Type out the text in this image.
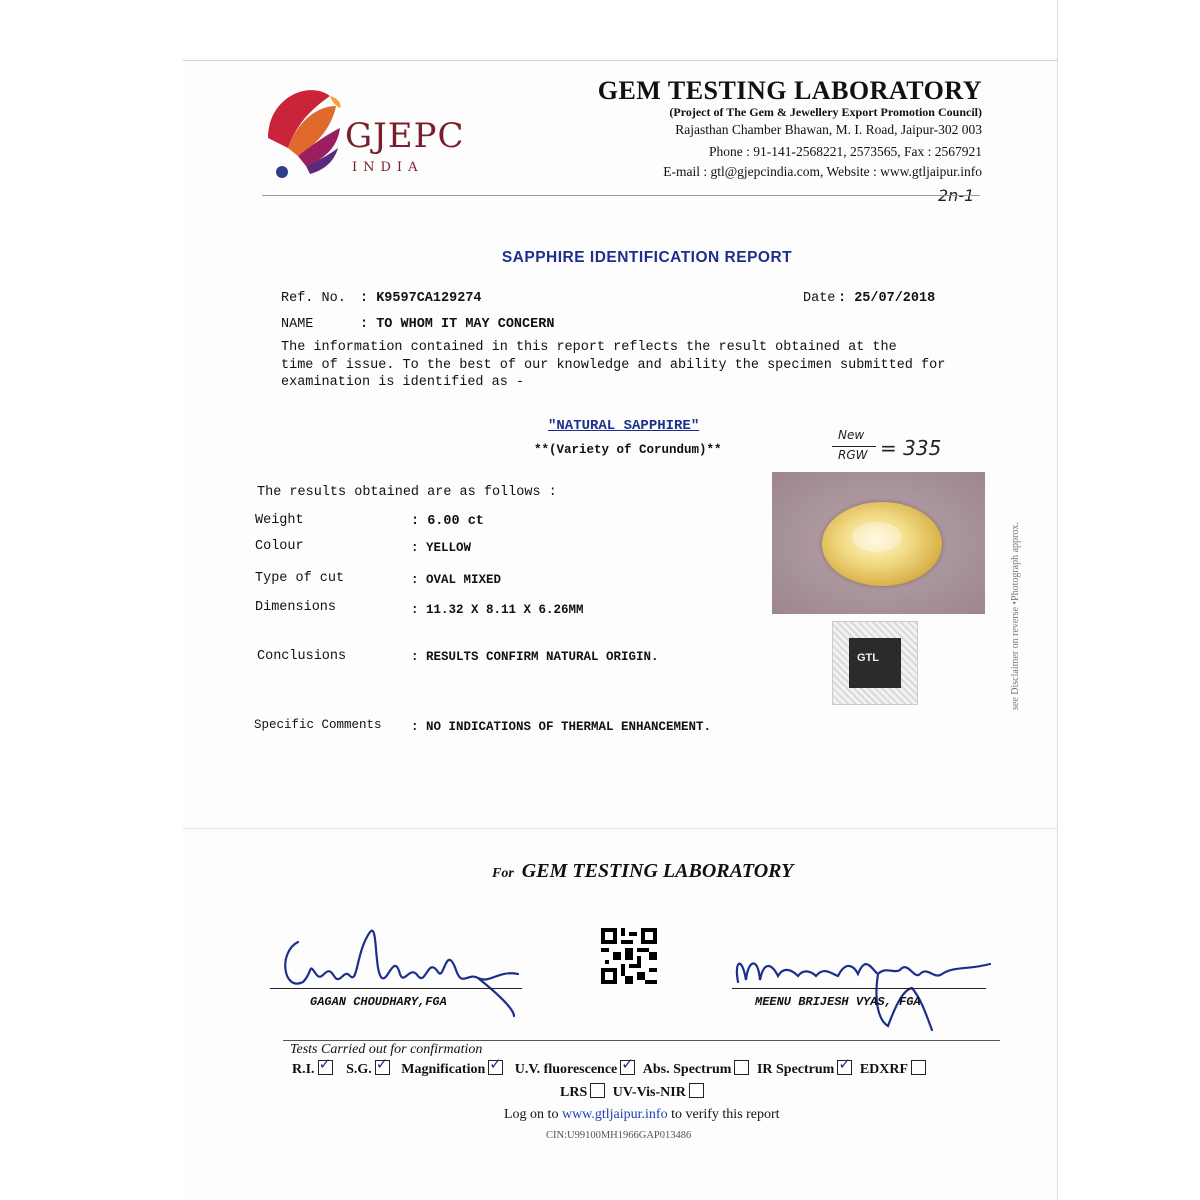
GJEPC
INDIA
GEM TESTING LABORATORY
(Project of The Gem & Jewellery Export Promotion Council)
Rajasthan Chamber Bhawan, M. I. Road, Jaipur-302 003
Phone : 91-141-2568221, 2573565, Fax : 2567921
E-mail : gtl@gjepcindia.com, Website : www.gtljaipur.info
2n-1
SAPPHIRE IDENTIFICATION REPORT
Ref. No. : K9597CA129274	Date : 25/07/2018
NAME	: TO WHOM IT MAY CONCERN
The information contained in this report reflects the result obtained at the
time of issue. To the best of our knowledge and ability the specimen submitted for
examination is identified as -
"NATURAL SAPPHIRE"
**(Variety of Corundum)**
New
RGW = 335
The results obtained are as follows :
Weight	: 6.00 ct
Colour	: YELLOW
Type of cut	: OVAL MIXED
Dimensions	: 11.32 X 8.11 X 6.26MM
Conclusions	: RESULTS CONFIRM NATURAL ORIGIN.
Specific Comments : NO INDICATIONS OF THERMAL ENHANCEMENT.
GTL	see Disclaimer on reverse •Photograph approx.
For GEM TESTING LABORATORY
GAGAN CHOUDHARY,FGA	MEENU BRIJESH VYAS, FGA
Tests Carried out for confirmation
R.I. ✓ S.G. ✓ Magnification ✓ U.V. fluorescence ✓ Abs. Spectrum IR Spectrum ✓ EDXRF
LRS UV-Vis-NIR
Log on to www.gtljaipur.info to verify this report
CIN:U99100MH1966GAP013486
